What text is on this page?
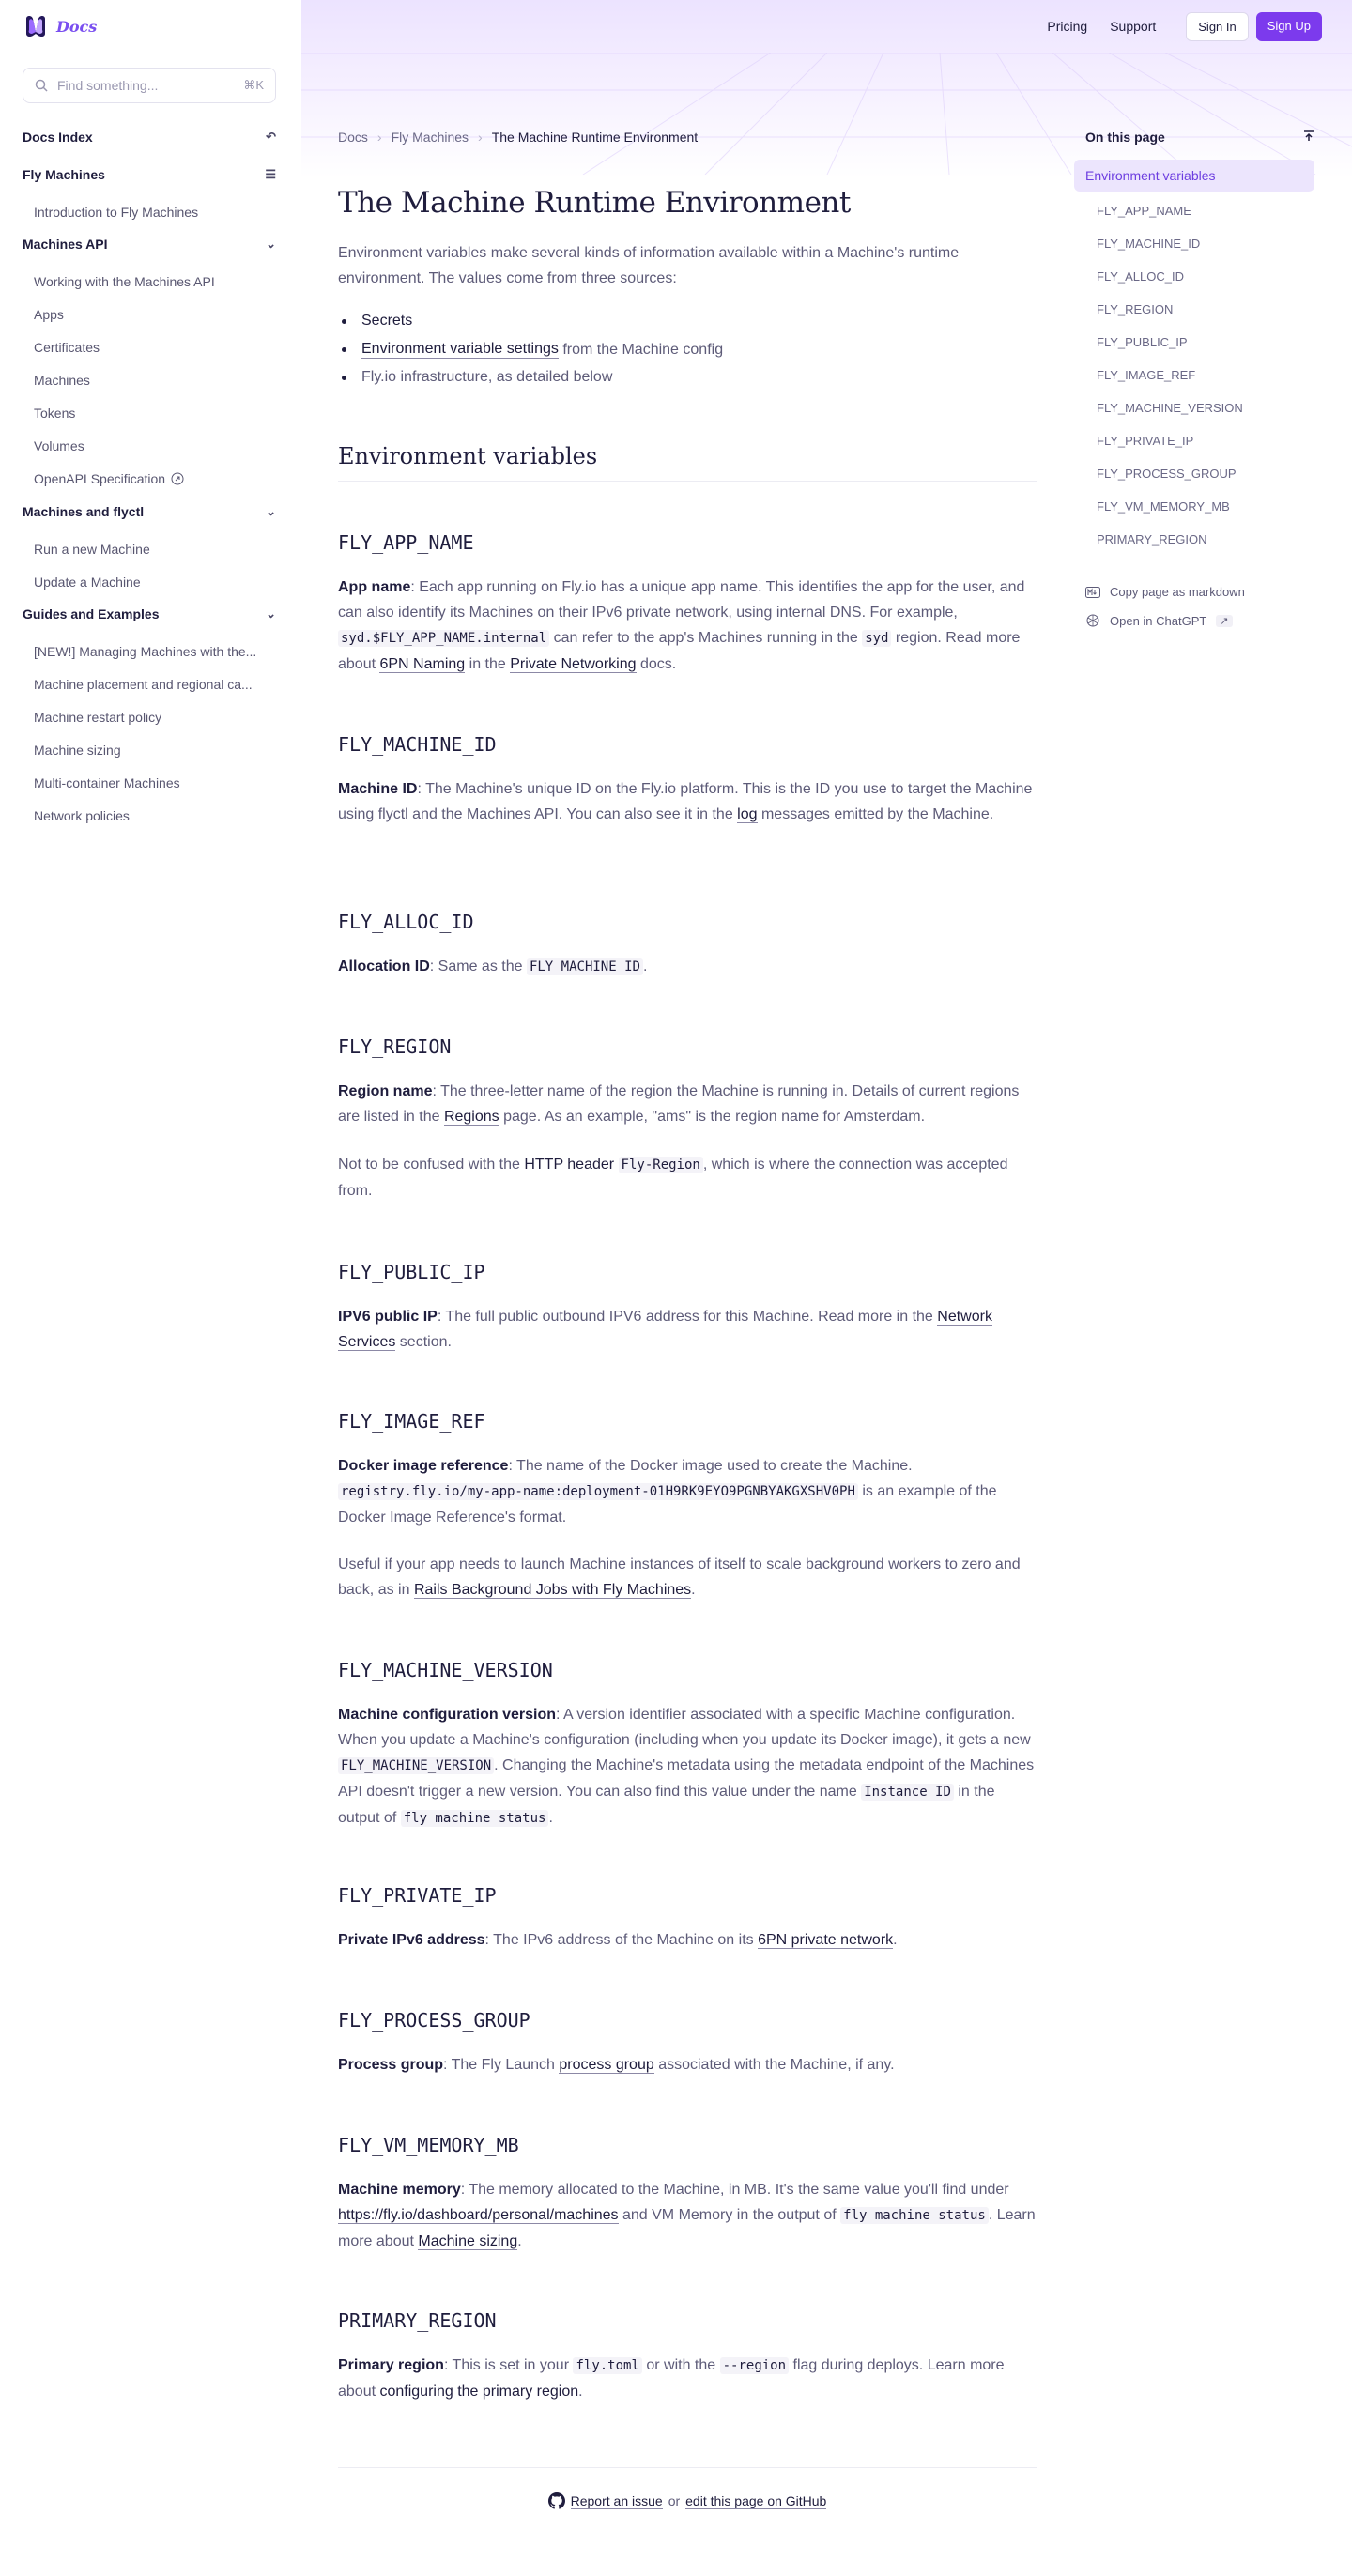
Pricing Support	Sign In	Sign Up
Docs
Find something...	⌘K
Docs Index	↶
Fly Machines	☰
Introduction to Fly Machines
Machines API	⌄
Working with the Machines API
Apps
Certificates
Machines
Tokens
Volumes
OpenAPI Specification
Machines and flyctl	⌄
Run a new Machine
Update a Machine
Guides and Examples	⌄
[NEW!] Managing Machines with the...
Machine placement and regional ca...
Machine restart policy
Machine sizing
Multi-container Machines
Network policies
Docs › Fly Machines › The Machine Runtime Environment
The Machine Runtime Environment

Environment variables make several kinds of information available within a Machine's runtime environment. The values come from three sources:

Secrets
Environment variable settings from the Machine config
Fly.io infrastructure, as detailed below
Environment variables
FLY_APP_NAME

App name: Each app running on Fly.io has a unique app name. This identifies the app for the user, and can also identify its Machines on their IPv6 private network, using internal DNS. For example, syd.$FLY_APP_NAME.internal can refer to the app's Machines running in the syd region. Read more about 6PN Naming in the Private Networking docs.

FLY_MACHINE_ID

Machine ID: The Machine's unique ID on the Fly.io platform. This is the ID you use to target the Machine using flyctl and the Machines API. You can also see it in the log messages emitted by the Machine.

FLY_ALLOC_ID

Allocation ID: Same as the FLY_MACHINE_ID .

FLY_REGION

Region name: The three-letter name of the region the Machine is running in. Details of current regions are listed in the Regions page. As an example, "ams" is the region name for Amsterdam.

Not to be confused with the HTTP header Fly-Region , which is where the connection was accepted from.

FLY_PUBLIC_IP

IPV6 public IP: The full public outbound IPV6 address for this Machine. Read more in the Network Services section.

FLY_IMAGE_REF

Docker image reference: The name of the Docker image used to create the Machine. registry.fly.io/my-app-name:deployment-01H9RK9EYO9PGNBYAKGXSHV0PH is an example of the Docker Image Reference's format.

Useful if your app needs to launch Machine instances of itself to scale background workers to zero and back, as in Rails Background Jobs with Fly Machines.

FLY_MACHINE_VERSION

Machine configuration version: A version identifier associated with a specific Machine configuration. When you update a Machine's configuration (including when you update its Docker image), it gets a new FLY_MACHINE_VERSION . Changing the Machine's metadata using the metadata endpoint of the Machines API doesn't trigger a new version. You can also find this value under the name Instance ID in the output of fly machine status .

FLY_PRIVATE_IP

Private IPv6 address: The IPv6 address of the Machine on its 6PN private network.

FLY_PROCESS_GROUP

Process group: The Fly Launch process group associated with the Machine, if any.

FLY_VM_MEMORY_MB

Machine memory: The memory allocated to the Machine, in MB. It's the same value you'll find under https://fly.io/dashboard/personal/machines and VM Memory in the output of fly machine status . Learn more about Machine sizing.

PRIMARY_REGION

Primary region: This is set in your fly.toml or with the --region flag during deploys. Learn more about configuring the primary region.

Report an issue or edit this page on GitHub
On this page
Environment variables
FLY_APP_NAME
FLY_MACHINE_ID
FLY_ALLOC_ID
FLY_REGION
FLY_PUBLIC_IP
FLY_IMAGE_REF
FLY_MACHINE_VERSION
FLY_PRIVATE_IP
FLY_PROCESS_GROUP
FLY_VM_MEMORY_MB
PRIMARY_REGION
Copy page as markdown
Open in ChatGPT	↗
